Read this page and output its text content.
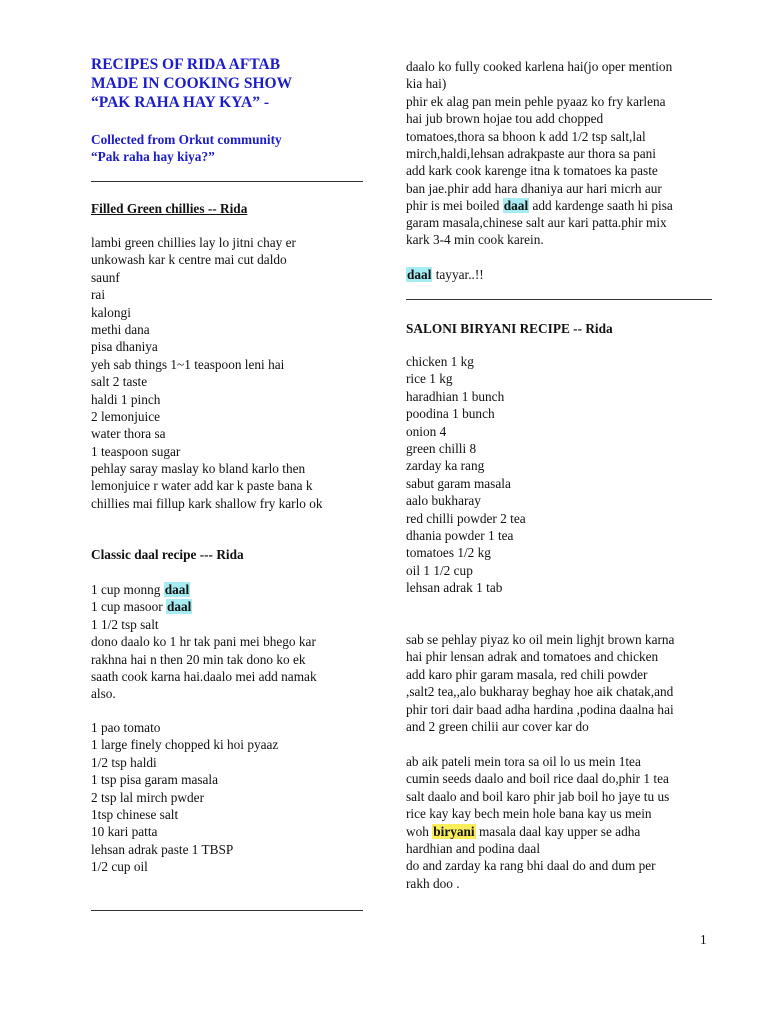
RECIPES OF RIDA AFTAB
MADE IN COOKING SHOW
“PAK RAHA HAY KYA” -
Collected from Orkut community
“Pak raha hay kiya?”
Filled Green chillies -- Rida
lambi green chillies lay lo jitni chay er
unkowash kar k centre mai cut daldo
saunf
rai
kalongi
methi dana
pisa dhaniya
yeh sab things 1~1 teaspoon leni hai
salt 2 taste
haldi 1 pinch
2 lemonjuice
water thora sa
1 teaspoon sugar
pehlay saray maslay ko bland karlo then
lemonjuice r water add kar k paste bana k
chillies mai fillup kark shallow fry karlo ok
Classic daal recipe --- Rida
1 cup monng daal
1 cup masoor daal
1 1/2 tsp salt
dono daalo ko 1 hr tak pani mei bhego kar
rakhna hai n then 20 min tak dono ko ek
saath cook karna hai.daalo mei add namak
also.
1 pao tomato
1 large finely chopped ki hoi pyaaz
1/2 tsp haldi
1 tsp pisa garam masala
2 tsp lal mirch pwder
1tsp chinese salt
10 kari patta
lehsan adrak paste 1 TBSP
1/2 cup oil
daalo ko fully cooked karlena hai(jo oper mention
kia hai)
phir ek alag pan mein pehle pyaaz ko fry karlena
hai jub brown hojae tou add chopped
tomatoes,thora sa bhoon k add 1/2 tsp salt,lal
mirch,haldi,lehsan adrakpaste aur thora sa pani
add kark cook karenge itna k tomatoes ka paste
ban jae.phir add hara dhaniya aur hari micrh aur
phir is mei boiled daal add kardenge saath hi pisa
garam masala,chinese salt aur kari patta.phir mix
kark 3-4 min cook karein.
daal tayyar..!!
SALONI BIRYANI RECIPE -- Rida
chicken 1 kg
rice 1 kg
haradhian 1 bunch
poodina 1 bunch
onion 4
green chilli 8
zarday ka rang
sabut garam masala
aalo bukharay
red chilli powder 2 tea
dhania powder 1 tea
tomatoes 1/2 kg
oil 1 1/2 cup
lehsan adrak 1 tab
sab se pehlay piyaz ko oil mein lighjt brown karna
hai phir lensan adrak and tomatoes and chicken
add karo phir garam masala, red chili powder
,salt2 tea,,alo bukharay beghay hoe aik chatak,and
phir tori dair baad adha hardina ,podina daalna hai
and 2 green chilii aur cover kar do
ab aik pateli mein tora sa oil lo us mein 1tea
cumin seeds daalo and boil rice daal do,phir 1 tea
salt daalo and boil karo phir jab boil ho jaye tu us
rice kay kay bech mein hole bana kay us mein
woh biryani masala daal kay upper se adha
hardhian and podina daal
do and zarday ka rang bhi daal do and dum per
rakh doo .
1
